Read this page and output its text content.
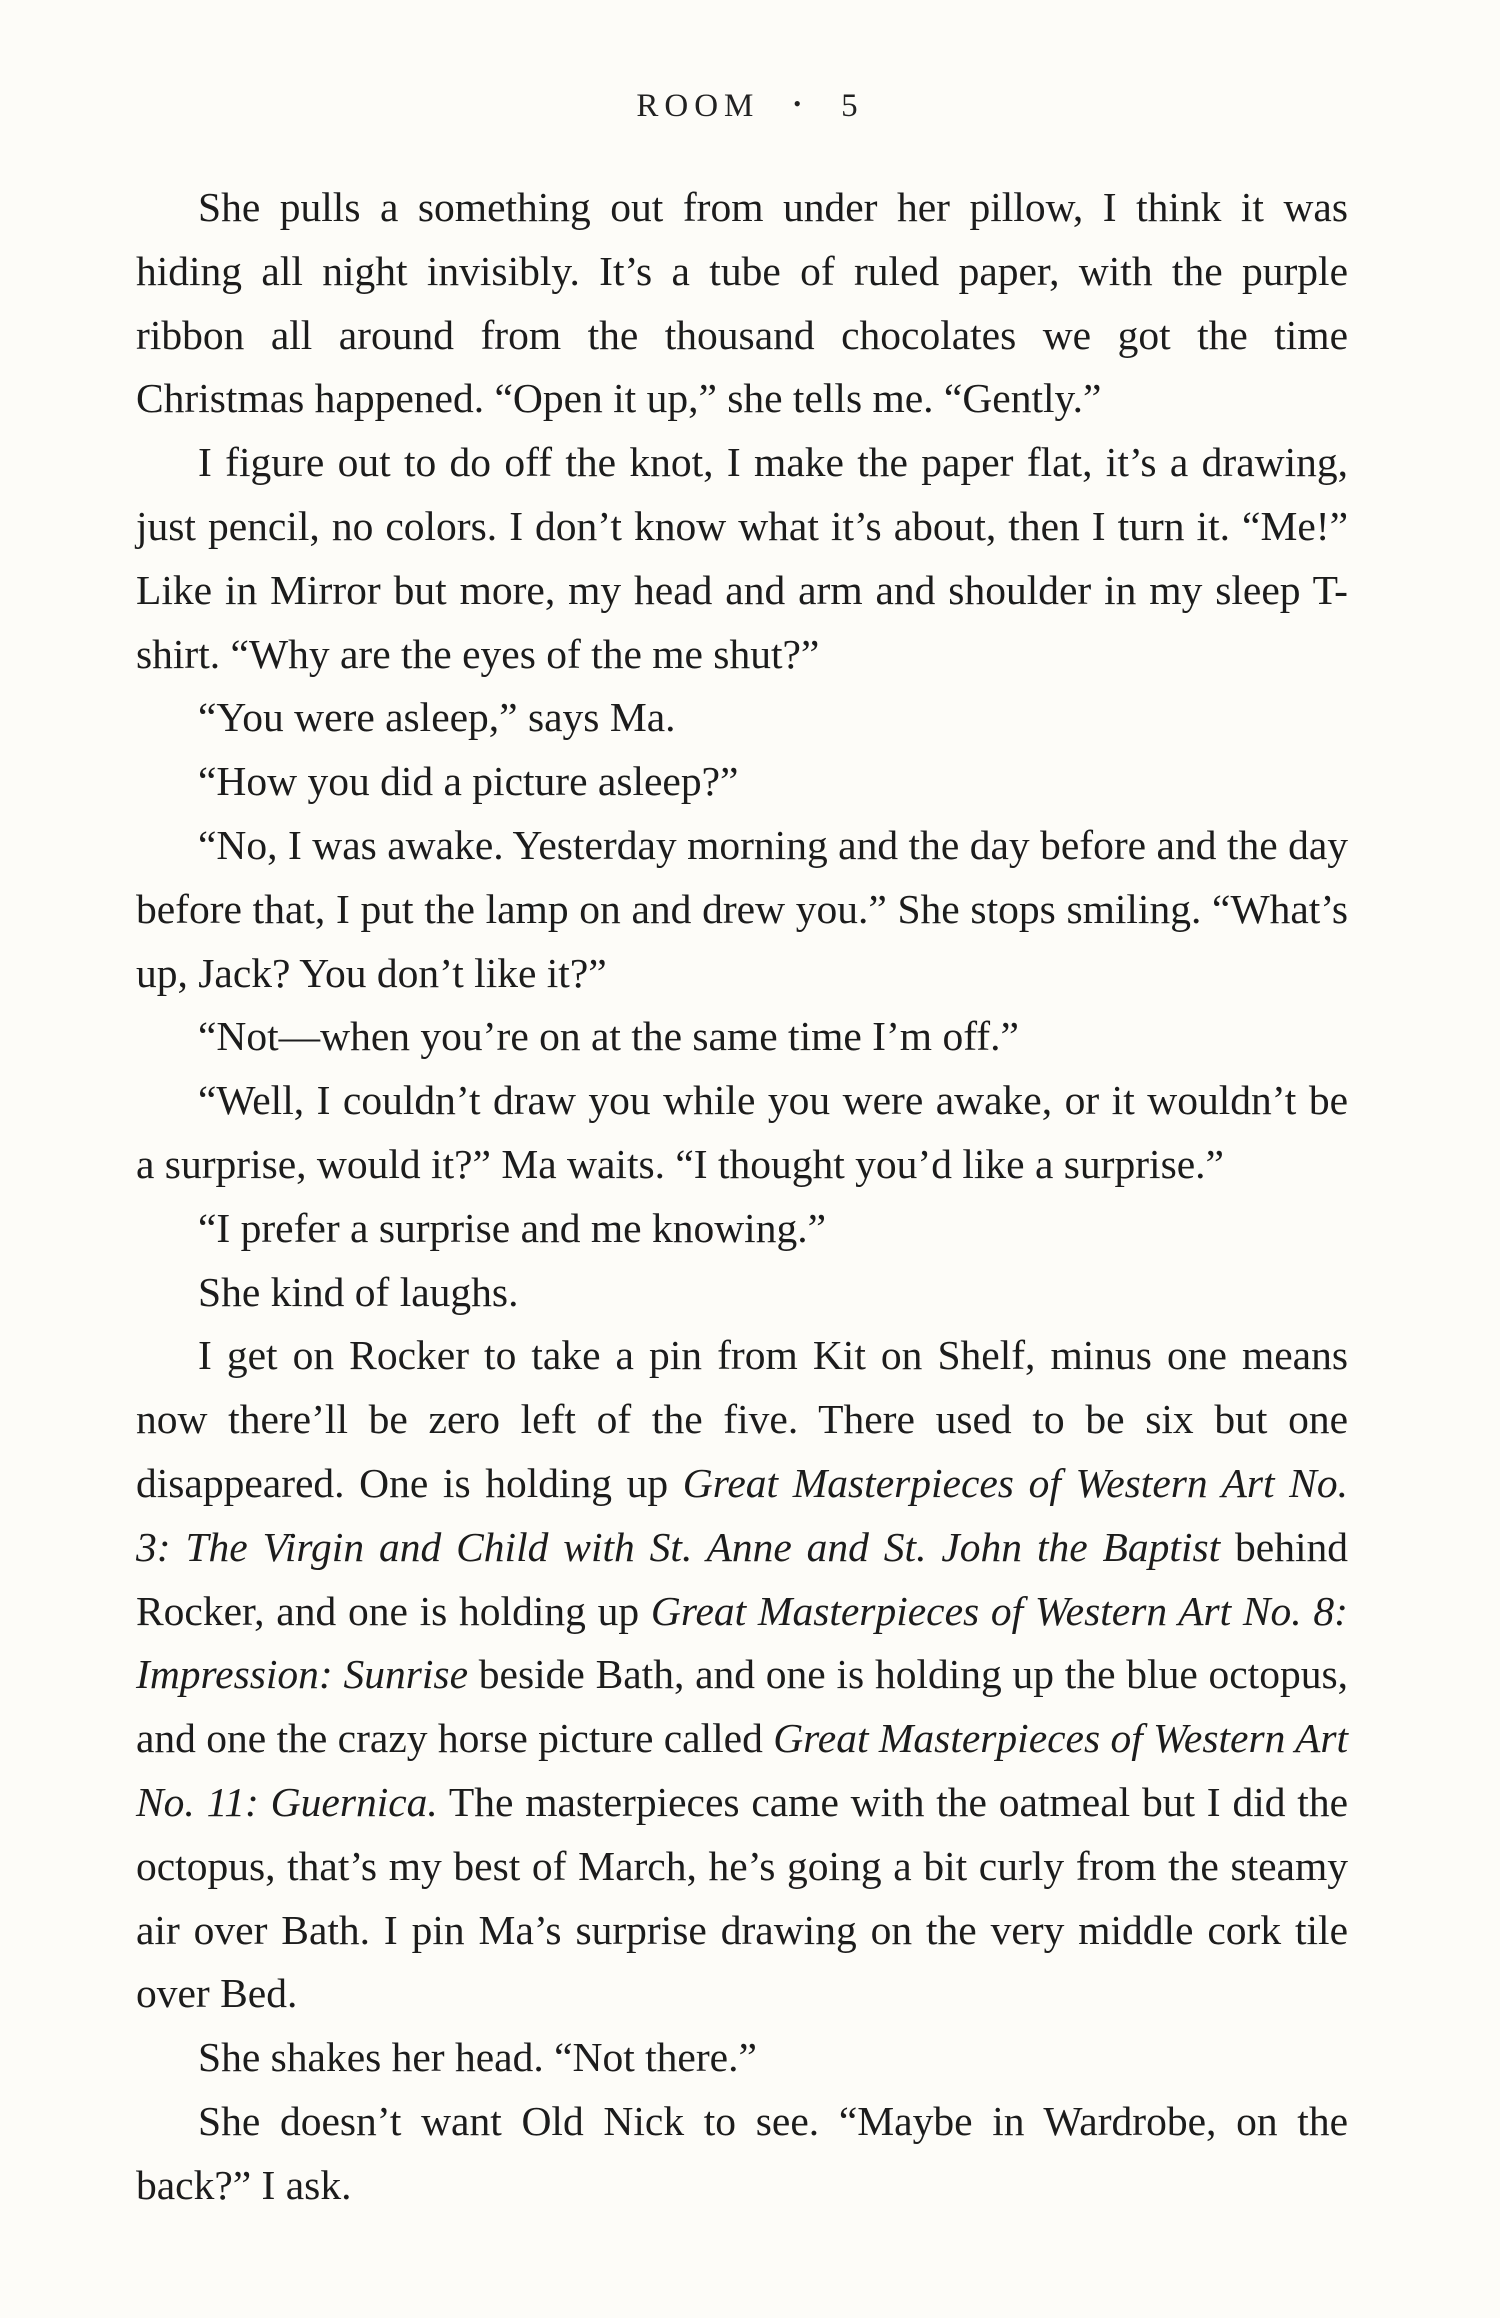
ROOM • 5

She pulls a something out from under her pillow, I think it was hiding all night invisibly. It’s a tube of ruled paper, with the purple ribbon all around from the thousand chocolates we got the time Christmas happened. “Open it up,” she tells me. “Gently.”

I figure out to do off the knot, I make the paper flat, it’s a drawing, just pencil, no colors. I don’t know what it’s about, then I turn it. “Me!” Like in Mirror but more, my head and arm and shoulder in my sleep T-shirt. “Why are the eyes of the me shut?”

“You were asleep,” says Ma.

“How you did a picture asleep?”

“No, I was awake. Yesterday morning and the day before and the day before that, I put the lamp on and drew you.” She stops smiling. “What’s up, Jack? You don’t like it?”

“Not—when you’re on at the same time I’m off.”

“Well, I couldn’t draw you while you were awake, or it wouldn’t be a surprise, would it?” Ma waits. “I thought you’d like a surprise.”

“I prefer a surprise and me knowing.”

She kind of laughs.

I get on Rocker to take a pin from Kit on Shelf, minus one means now there’ll be zero left of the five. There used to be six but one disappeared. One is holding up Great Masterpieces of Western Art No. 3: The Virgin and Child with St. Anne and St. John the Baptist behind Rocker, and one is holding up Great Masterpieces of Western Art No. 8: Impression: Sunrise beside Bath, and one is holding up the blue octopus, and one the crazy horse picture called Great Masterpieces of Western Art No. 11: Guernica. The masterpieces came with the oatmeal but I did the octopus, that’s my best of March, he’s going a bit curly from the steamy air over Bath. I pin Ma’s surprise drawing on the very middle cork tile over Bed.

She shakes her head. “Not there.”

She doesn’t want Old Nick to see. “Maybe in Wardrobe, on the back?” I ask.
